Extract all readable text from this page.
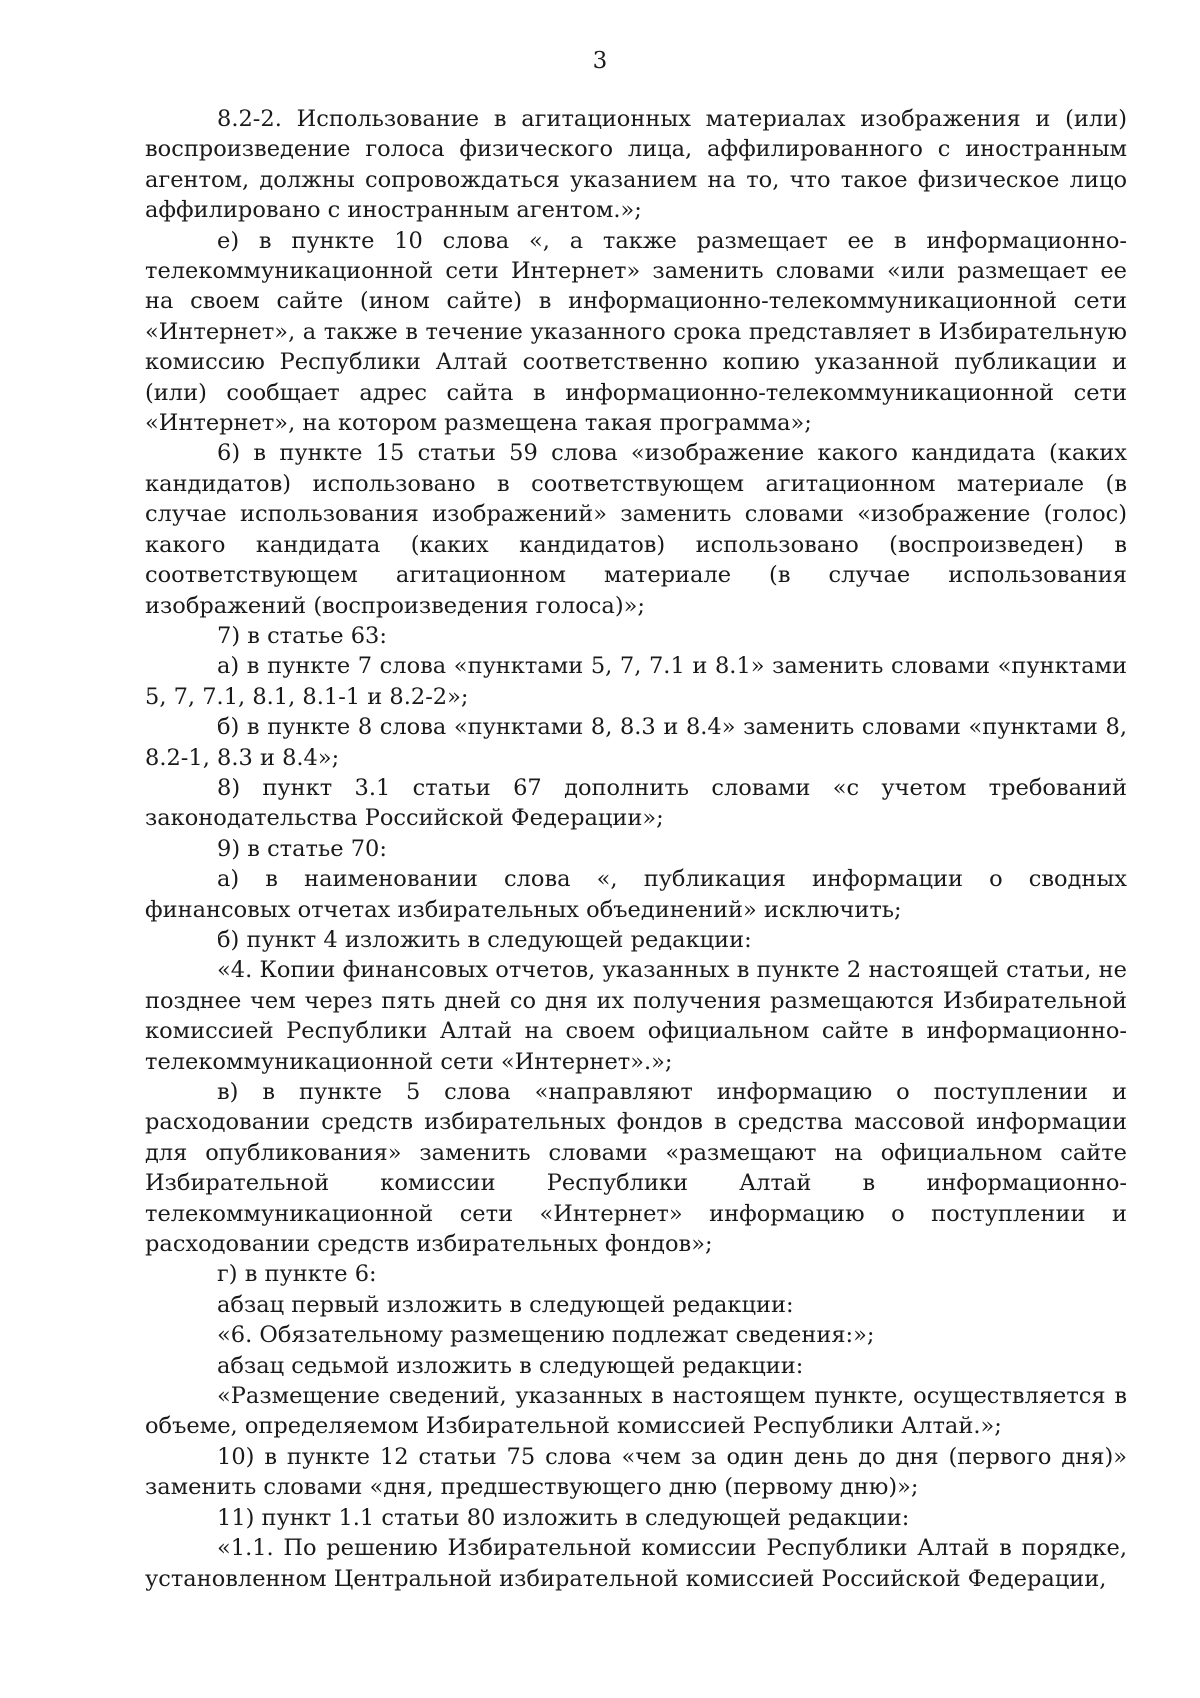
3

8.2-2. Использование в агитационных материалах изображения и (или) воспроизведение голоса физического лица, аффилированного с иностранным агентом, должны сопровождаться указанием на то, что такое физическое лицо аффилировано с иностранным агентом.»;

е) в пункте 10 слова «, а также размещает ее в информационно-телекоммуникационной сети Интернет» заменить словами «или размещает ее на своем сайте (ином сайте) в информационно-телекоммуникационной сети «Интернет», а также в течение указанного срока представляет в Избирательную комиссию Республики Алтай соответственно копию указанной публикации и (или) сообщает адрес сайта в информационно-телекоммуникационной сети «Интернет», на котором размещена такая программа»;

6) в пункте 15 статьи 59 слова «изображение какого кандидата (каких кандидатов) использовано в соответствующем агитационном материале (в случае использования изображений» заменить словами «изображение (голос) какого кандидата (каких кандидатов) использовано (воспроизведен) в соответствующем агитационном материале (в случае использования изображений (воспроизведения голоса)»;

7) в статье 63:

а) в пункте 7 слова «пунктами 5, 7, 7.1 и 8.1» заменить словами «пунктами 5, 7, 7.1, 8.1, 8.1-1 и 8.2-2»;

б) в пункте 8 слова «пунктами 8, 8.3 и 8.4» заменить словами «пунктами 8, 8.2-1, 8.3 и 8.4»;

8) пункт 3.1 статьи 67 дополнить словами «с учетом требований законодательства Российской Федерации»;

9) в статье 70:

а) в наименовании слова «, публикация информации о сводных финансовых отчетах избирательных объединений» исключить;

б) пункт 4 изложить в следующей редакции:

«4. Копии финансовых отчетов, указанных в пункте 2 настоящей статьи, не позднее чем через пять дней со дня их получения размещаются Избирательной комиссией Республики Алтай на своем официальном сайте в информационно-телекоммуникационной сети «Интернет».»;

в) в пункте 5 слова «направляют информацию о поступлении и расходовании средств избирательных фондов в средства массовой информации для опубликования» заменить словами «размещают на официальном сайте Избирательной комиссии Республики Алтай в информационно-телекоммуникационной сети «Интернет» информацию о поступлении и расходовании средств избирательных фондов»;

г) в пункте 6:

абзац первый изложить в следующей редакции:

«6. Обязательному размещению подлежат сведения:»;

абзац седьмой изложить в следующей редакции:

«Размещение сведений, указанных в настоящем пункте, осуществляется в объеме, определяемом Избирательной комиссией Республики Алтай.»;

10) в пункте 12 статьи 75 слова «чем за один день до дня (первого дня)» заменить словами «дня, предшествующего дню (первому дню)»;

11) пункт 1.1 статьи 80 изложить в следующей редакции:

«1.1. По решению Избирательной комиссии Республики Алтай в порядке, установленном Центральной избирательной комиссией Российской Федерации,
